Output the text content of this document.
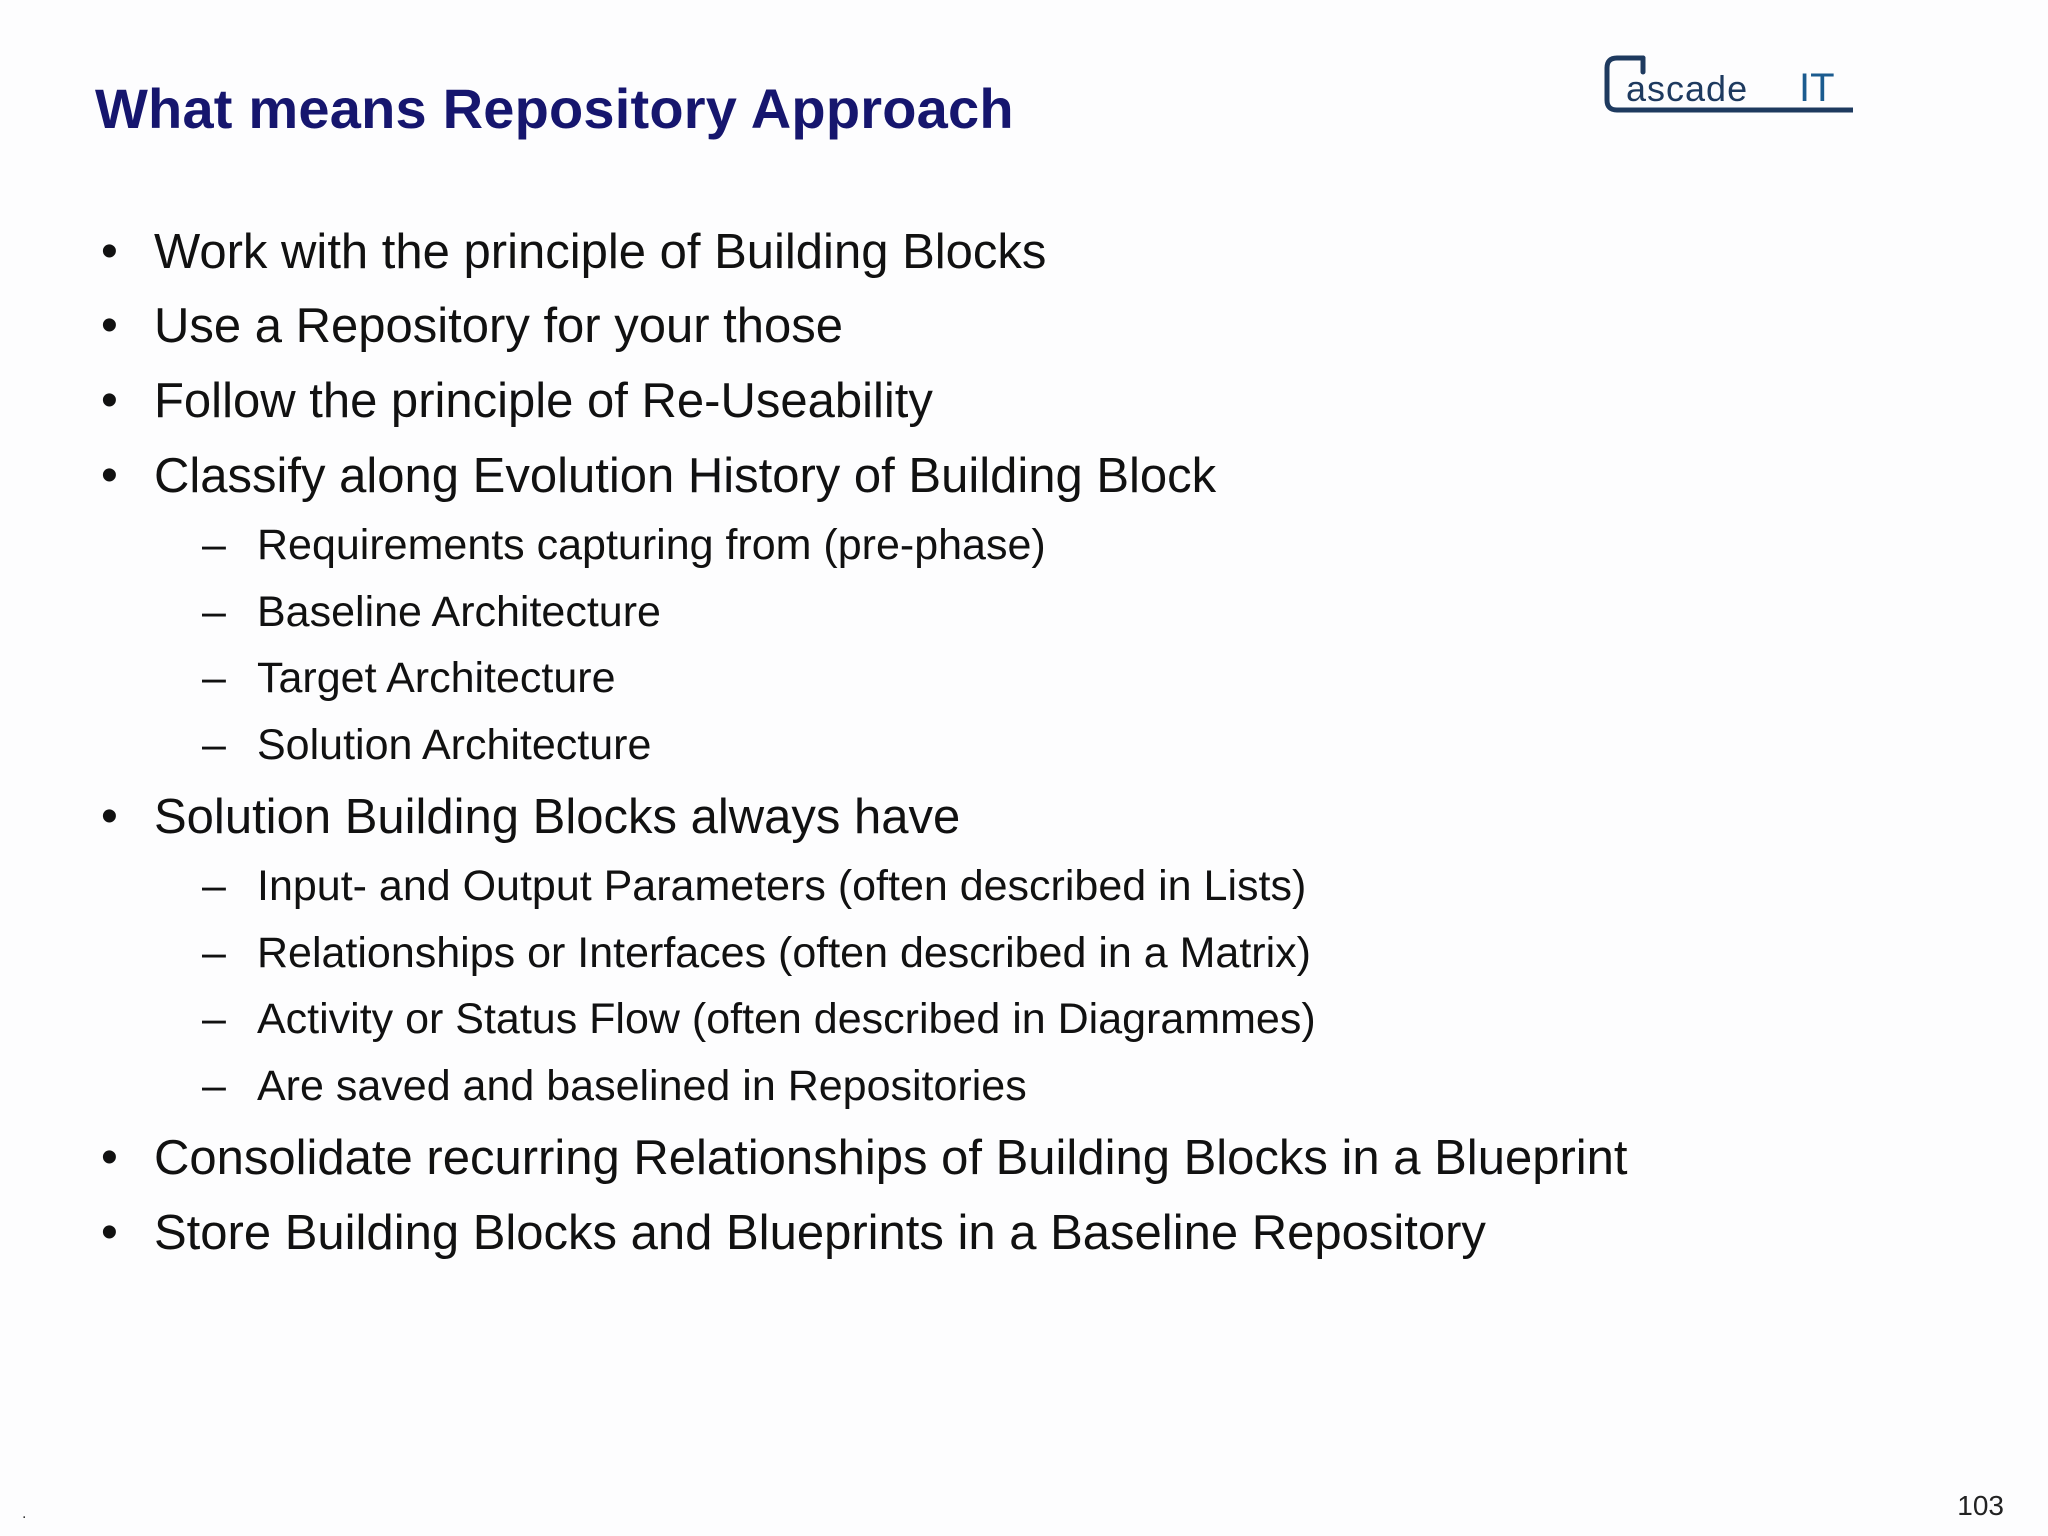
What means Repository Approach	ascade IT
• Work with the principle of Building Blocks
• Use a Repository for your those
• Follow the principle of Re-Useability
• Classify along Evolution History of Building Block
– Requirements capturing from (pre-phase)
– Baseline Architecture
– Target Architecture
– Solution Architecture
• Solution Building Blocks always have
– Input- and Output Parameters (often described in Lists)
– Relationships or Interfaces (often described in a Matrix)
– Activity or Status Flow (often described in Diagrammes)
– Are saved and baselined in Repositories
• Consolidate recurring Relationships of Building Blocks in a Blueprint
• Store Building Blocks and Blueprints in a Baseline Repository
.	103
